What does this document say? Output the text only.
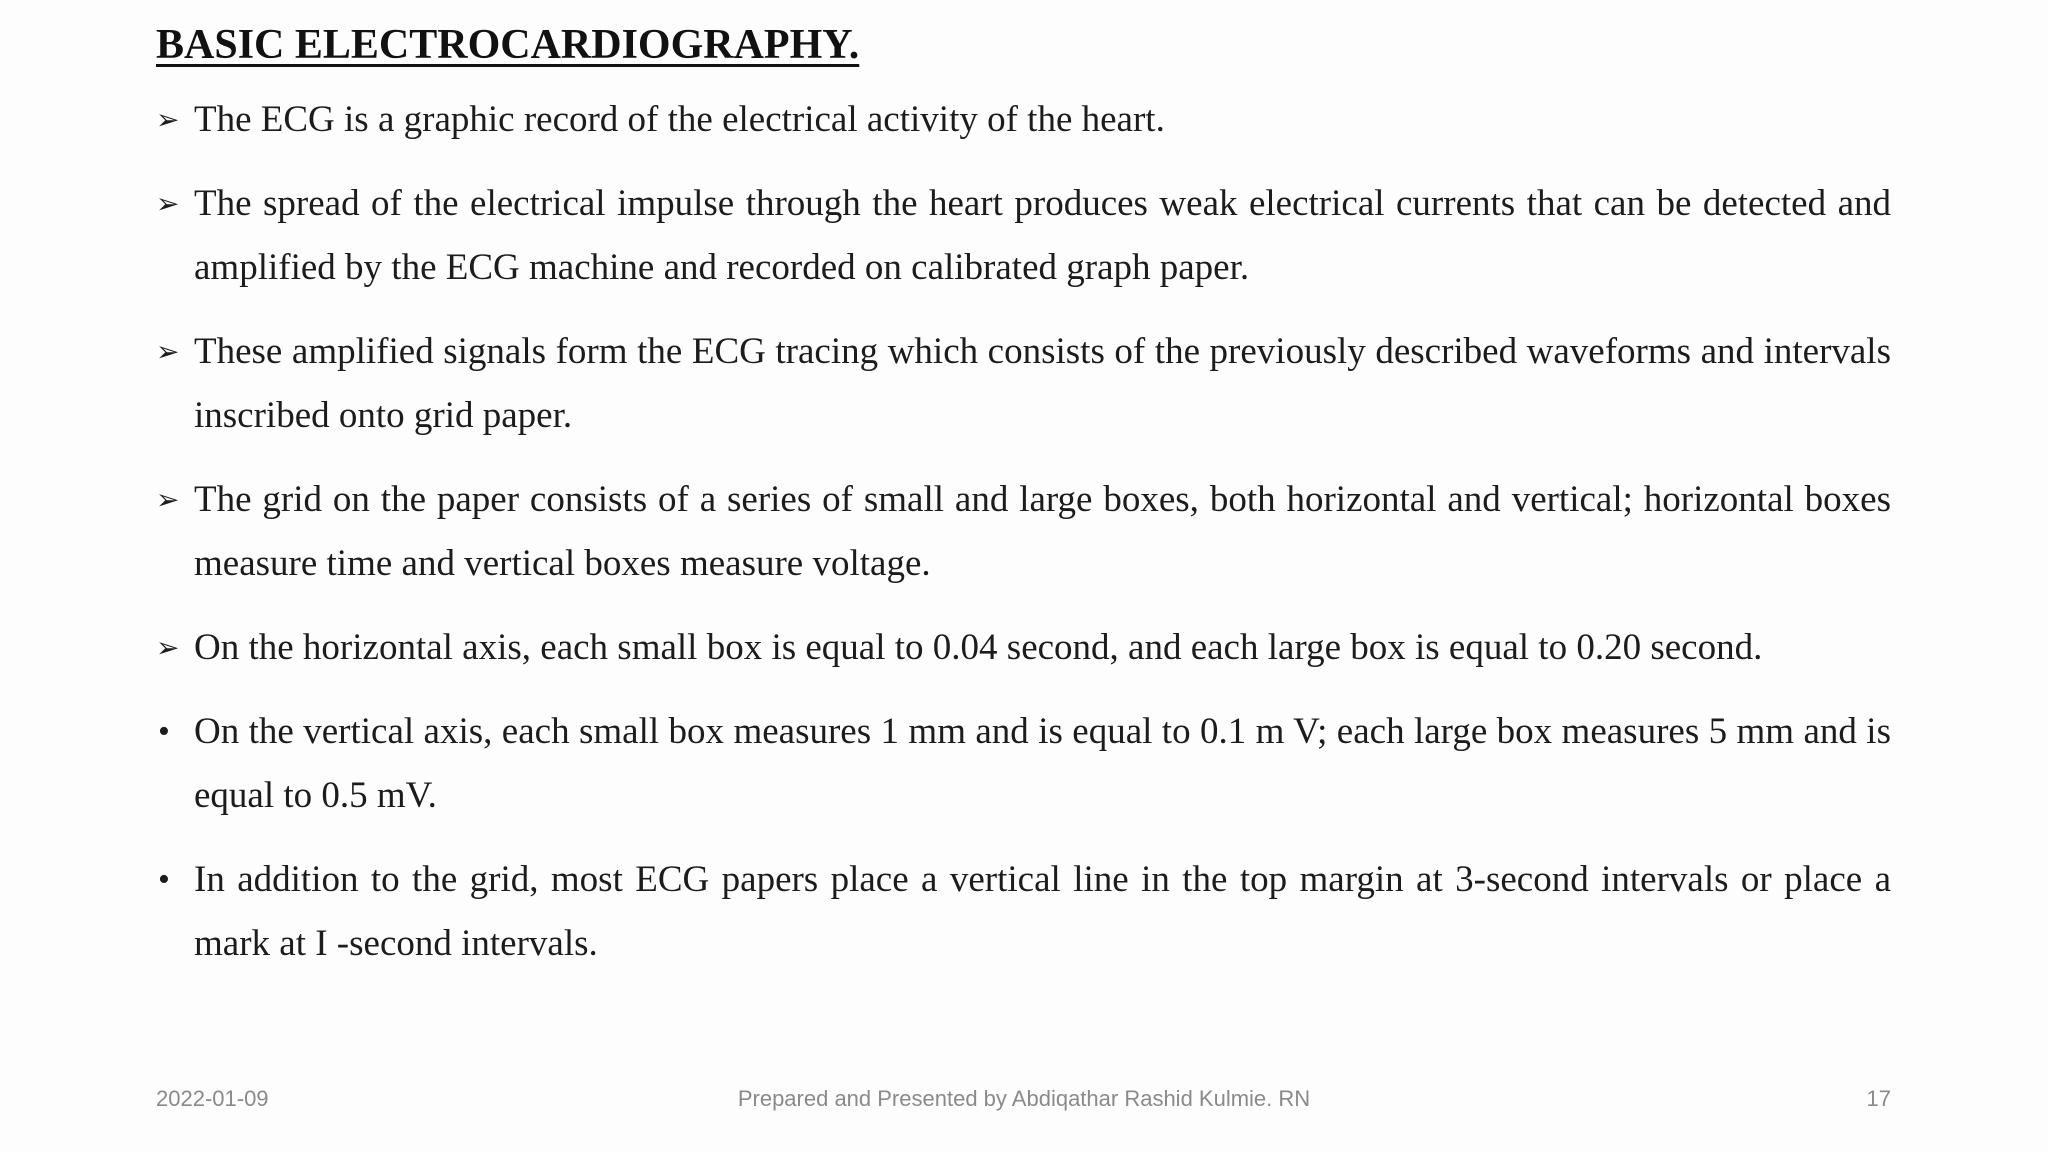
BASIC ELECTROCARDIOGRAPHY.
➢ The ECG is a graphic record of the electrical activity of the heart.
➢ The spread of the electrical impulse through the heart produces weak electrical currents that can be detected and amplified by the ECG machine and recorded on calibrated graph paper.
➢ These amplified signals form the ECG tracing which consists of the previously described waveforms and intervals inscribed onto grid paper.
➢ The grid on the paper consists of a series of small and large boxes, both horizontal and vertical; horizontal boxes measure time and vertical boxes measure voltage.
➢ On the horizontal axis, each small box is equal to 0.04 second, and each large box is equal to 0.20 second.
• On the vertical axis, each small box measures 1 mm and is equal to 0.1 m V; each large box measures 5 mm and is equal to 0.5 mV.
• In addition to the grid, most ECG papers place a vertical line in the top margin at 3-second intervals or place a mark at I -second intervals.
2022-01-09	Prepared and Presented by Abdiqathar Rashid Kulmie. RN	17
